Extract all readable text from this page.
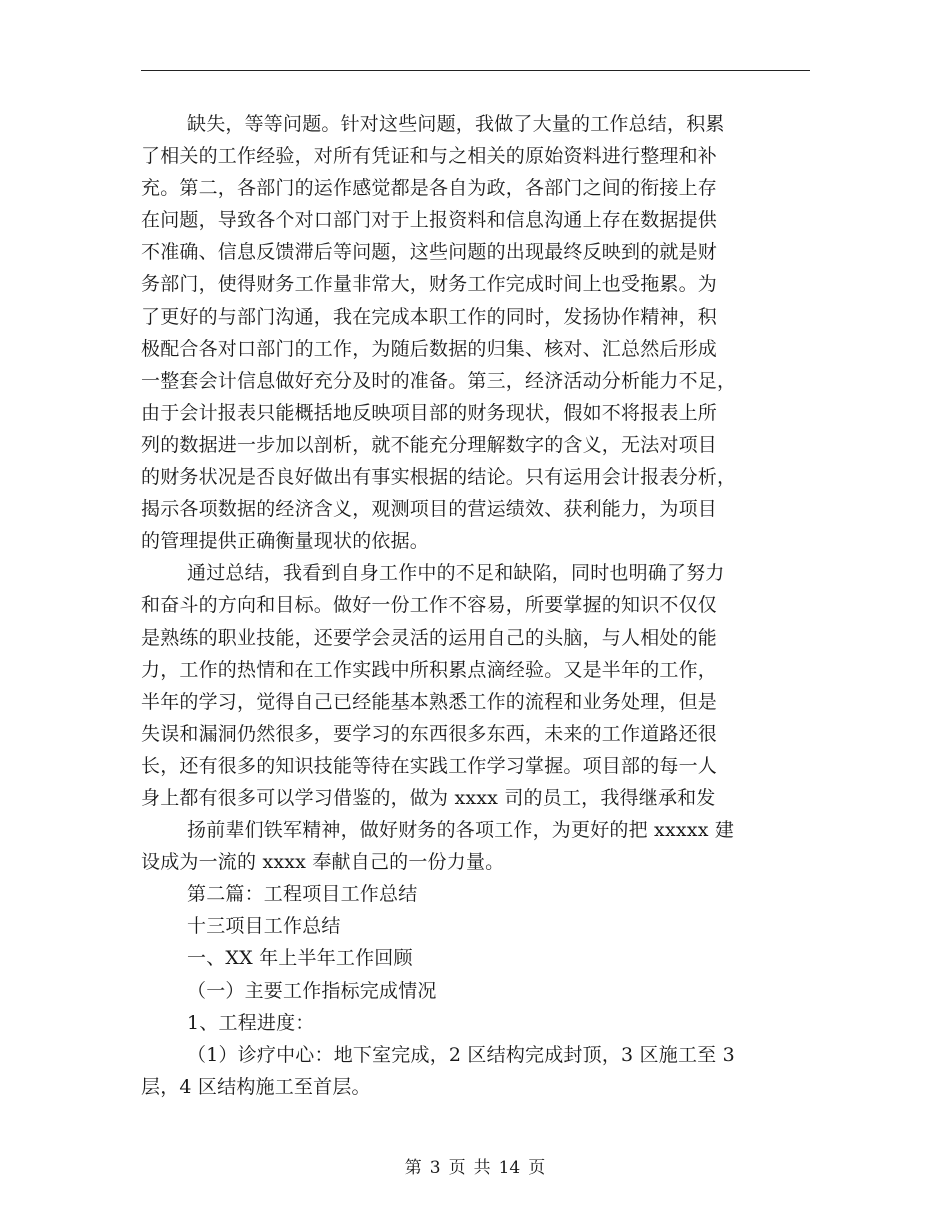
缺失，等等问题。针对这些问题，我做了大量的工作总结，积累
了相关的工作经验，对所有凭证和与之相关的原始资料进行整理和补
充。第二，各部门的运作感觉都是各自为政，各部门之间的衔接上存
在问题，导致各个对口部门对于上报资料和信息沟通上存在数据提供
不准确、信息反馈滞后等问题，这些问题的出现最终反映到的就是财
务部门，使得财务工作量非常大，财务工作完成时间上也受拖累。为
了更好的与部门沟通，我在完成本职工作的同时，发扬协作精神，积
极配合各对口部门的工作，为随后数据的归集、核对、汇总然后形成
一整套会计信息做好充分及时的准备。第三，经济活动分析能力不足，
由于会计报表只能概括地反映项目部的财务现状，假如不将报表上所
列的数据进一步加以剖析，就不能充分理解数字的含义，无法对项目
的财务状况是否良好做出有事实根据的结论。只有运用会计报表分析，
揭示各项数据的经济含义，观测项目的营运绩效、获利能力，为项目
的管理提供正确衡量现状的依据。
通过总结，我看到自身工作中的不足和缺陷，同时也明确了努力
和奋斗的方向和目标。做好一份工作不容易，所要掌握的知识不仅仅
是熟练的职业技能，还要学会灵活的运用自己的头脑，与人相处的能
力，工作的热情和在工作实践中所积累点滴经验。又是半年的工作，
半年的学习，觉得自己已经能基本熟悉工作的流程和业务处理，但是
失误和漏洞仍然很多，要学习的东西很多东西，未来的工作道路还很
长，还有很多的知识技能等待在实践工作学习掌握。项目部的每一人
身上都有很多可以学习借鉴的，做为 xxxx 司的员工，我得继承和发
扬前辈们铁军精神，做好财务的各项工作，为更好的把 xxxxx 建
设成为一流的 xxxx 奉献自己的一份力量。
第二篇：工程项目工作总结
十三项目工作总结
一、XX 年上半年工作回顾
（一）主要工作指标完成情况
1、工程进度：
（1）诊疗中心：地下室完成，2 区结构完成封顶，3 区施工至 3
层，4 区结构施工至首层。
第 3 页 共 14 页
